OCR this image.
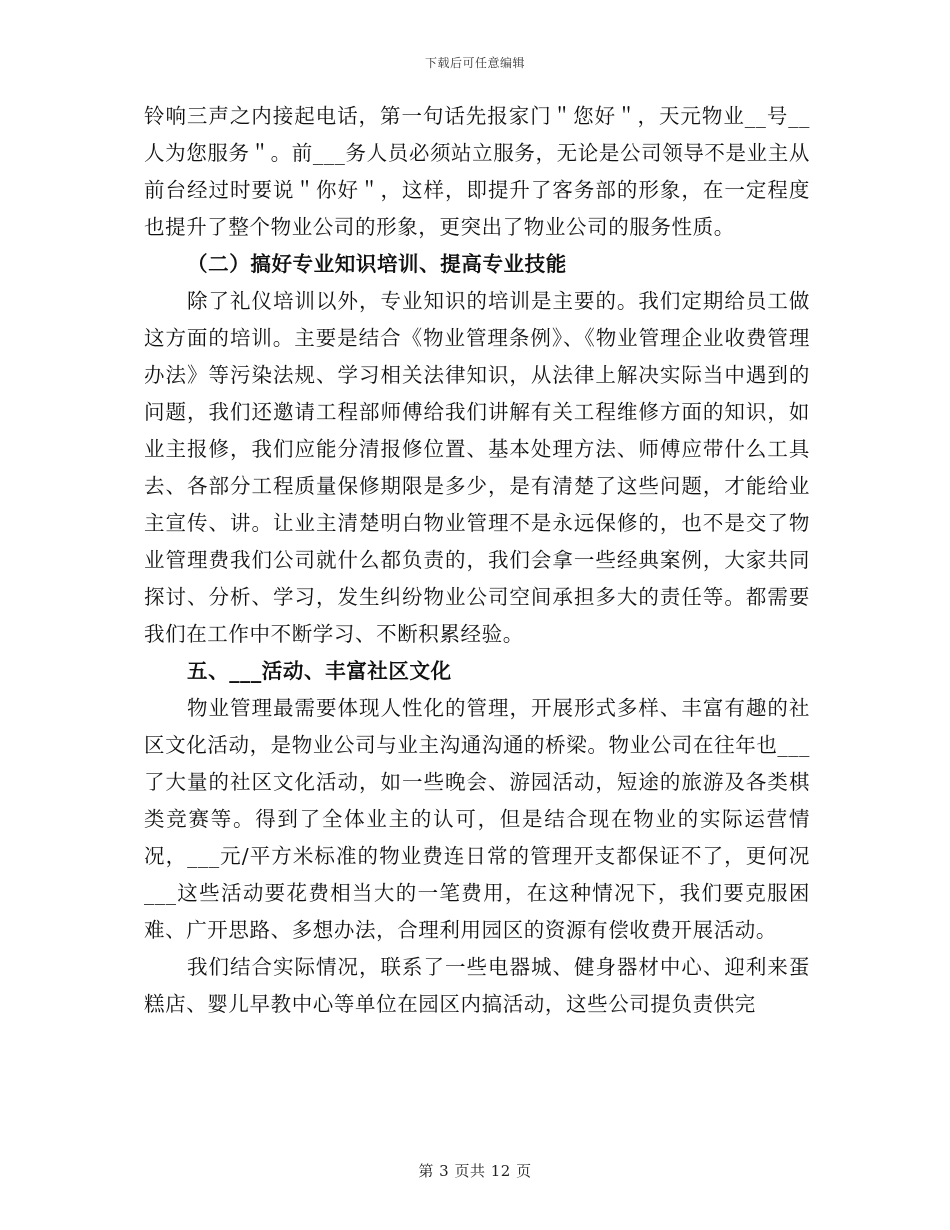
下载后可任意编辑

铃响三声之内接起电话，第一句话先报家门＂您好＂，天元物业__号__人为您服务＂。前___务人员必须站立服务，无论是公司领导不是业主从前台经过时要说＂你好＂，这样，即提升了客务部的形象，在一定程度也提升了整个物业公司的形象，更突出了物业公司的服务性质。

（二）搞好专业知识培训、提高专业技能

除了礼仪培训以外，专业知识的培训是主要的。我们定期给员工做这方面的培训。主要是结合《物业管理条例》、《物业管理企业收费管理办法》等污染法规、学习相关法律知识，从法律上解决实际当中遇到的问题，我们还邀请工程部师傅给我们讲解有关工程维修方面的知识，如业主报修，我们应能分清报修位置、基本处理方法、师傅应带什么工具去、各部分工程质量保修期限是多少，是有清楚了这些问题，才能给业主宣传、讲。让业主清楚明白物业管理不是永远保修的，也不是交了物业管理费我们公司就什么都负责的，我们会拿一些经典案例，大家共同探讨、分析、学习，发生纠纷物业公司空间承担多大的责任等。都需要我们在工作中不断学习、不断积累经验。

五、___活动、丰富社区文化

物业管理最需要体现人性化的管理，开展形式多样、丰富有趣的社区文化活动，是物业公司与业主沟通沟通的桥梁。物业公司在往年也___了大量的社区文化活动，如一些晚会、游园活动，短途的旅游及各类棋类竞赛等。得到了全体业主的认可，但是结合现在物业的实际运营情况，___元/平方米标准的物业费连日常的管理开支都保证不了，更何况___这些活动要花费相当大的一笔费用，在这种情况下，我们要克服困难、广开思路、多想办法，合理利用园区的资源有偿收费开展活动。

我们结合实际情况，联系了一些电器城、健身器材中心、迎利来蛋糕店、婴儿早教中心等单位在园区内搞活动，这些公司提负责供完

第 3 页共 12 页
